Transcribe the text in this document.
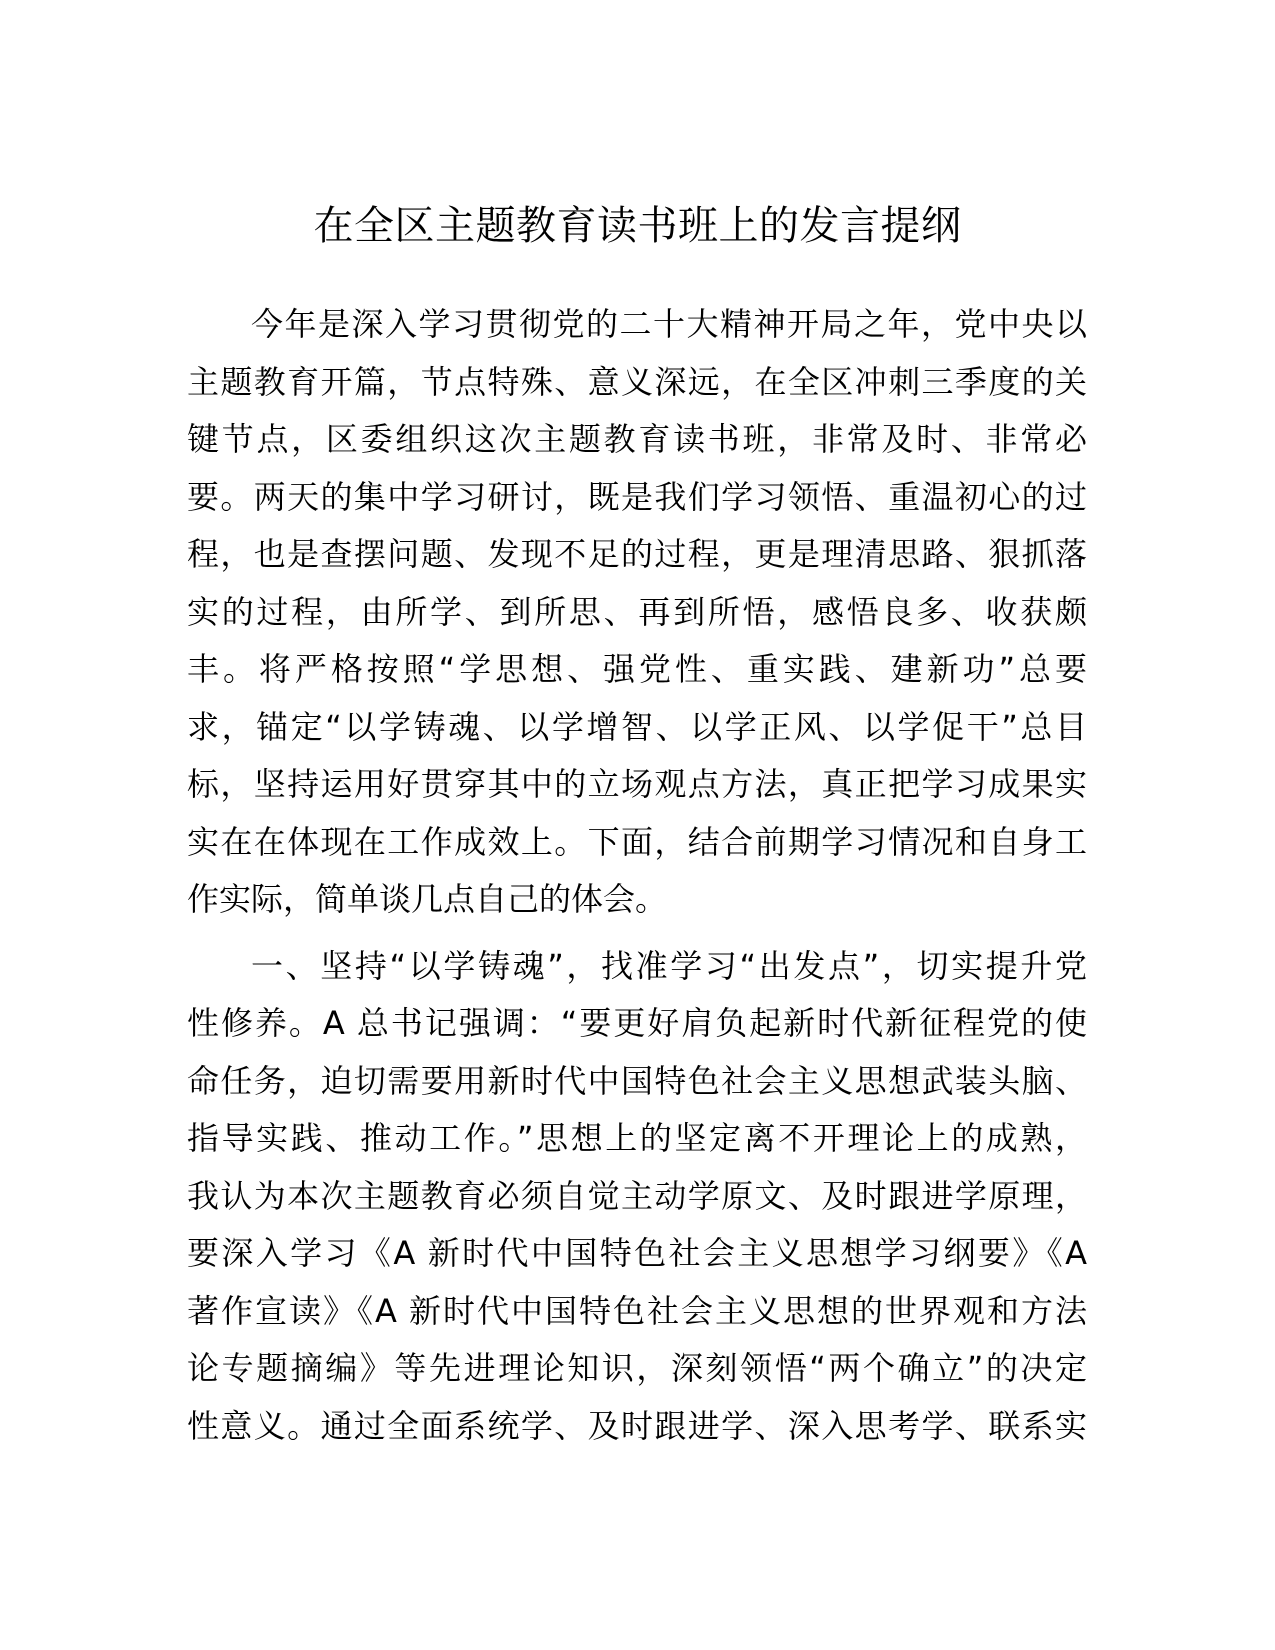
在全区主题教育读书班上的发言提纲

今年是深入学习贯彻党的二十大精神开局之年，党中央以
主题教育开篇，节点特殊、意义深远，在全区冲刺三季度的关
键节点，区委组织这次主题教育读书班，非常及时、非常必
要。两天的集中学习研讨，既是我们学习领悟、重温初心的过
程，也是查摆问题、发现不足的过程，更是理清思路、狠抓落
实的过程，由所学、到所思、再到所悟，感悟良多、收获颇
丰。将严格按照“学思想、强党性、重实践、建新功”总要
求，锚定“以学铸魂、以学增智、以学正风、以学促干”总目
标，坚持运用好贯穿其中的立场观点方法，真正把学习成果实
实在在体现在工作成效上。下面，结合前期学习情况和自身工
作实际，简单谈几点自己的体会。

一、坚持“以学铸魂”，找准学习“出发点”，切实提升党
性修养。A 总书记强调：“要更好肩负起新时代新征程党的使
命任务，迫切需要用新时代中国特色社会主义思想武装头脑、
指导实践、推动工作。”思想上的坚定离不开理论上的成熟，
我认为本次主题教育必须自觉主动学原文、及时跟进学原理，
要深入学习《A 新时代中国特色社会主义思想学习纲要》《A
著作宣读》《A 新时代中国特色社会主义思想的世界观和方法
论专题摘编》等先进理论知识，深刻领悟“两个确立”的决定
性意义。通过全面系统学、及时跟进学、深入思考学、联系实
